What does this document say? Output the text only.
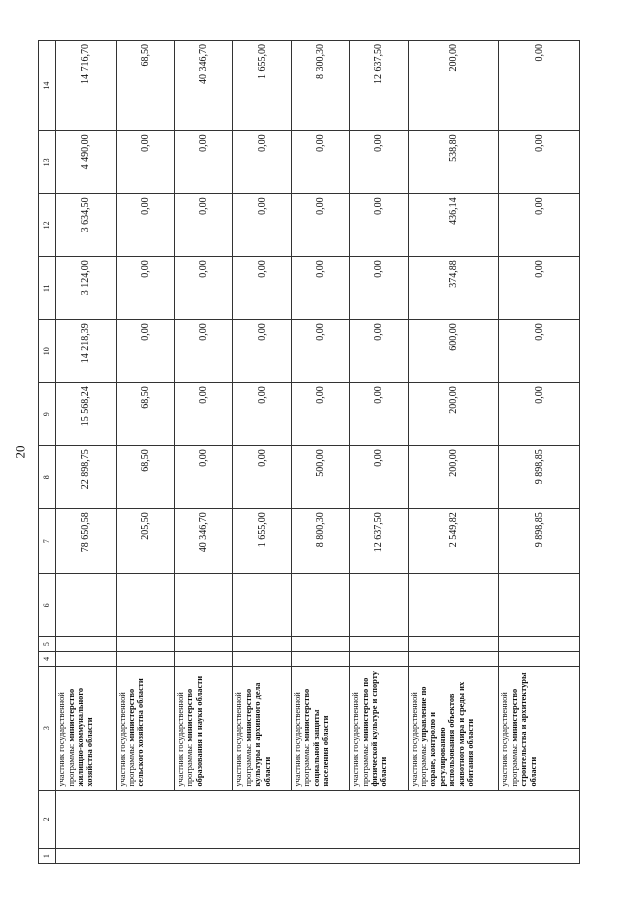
20
1	2	3	4	5	6	7	8	9	10	11	12	13	14
		участник государственной программы: министерство жилищно-коммунального хозяйства области				78 650,58	22 898,75	15 568,24	14 218,39	3 124,00	3 634,50	4 490,00	14 716,70
		участник государственной программы: министерство сельского хозяйства области				205,50	68,50	68,50	0,00	0,00	0,00	0,00	68,50
		участник государственной программы: министерство образования и науки области				40 346,70	0,00	0,00	0,00	0,00	0,00	0,00	40 346,70
		участник государственной программы: министерство культуры и архивного дела области				1 655,00	0,00	0,00	0,00	0,00	0,00	0,00	1 655,00
		участник государственной программы: министерство социальной защиты населения области				8 800,30	500,00	0,00	0,00	0,00	0,00	0,00	8 300,30
		участник государственной программы: министерство по физической культуре и спорту области				12 637,50	0,00	0,00	0,00	0,00	0,00	0,00	12 637,50
		участник государственной программы: управление по охране, контролю и регулированию использования объектов животного мира и среды их обитания области				2 549,82	200,00	200,00	600,00	374,88	436,14	538,80	200,00
		участник государственной программы: министерство строительства и архитектуры области				9 898,85	9 898,85	0,00	0,00	0,00	0,00	0,00	0,00
